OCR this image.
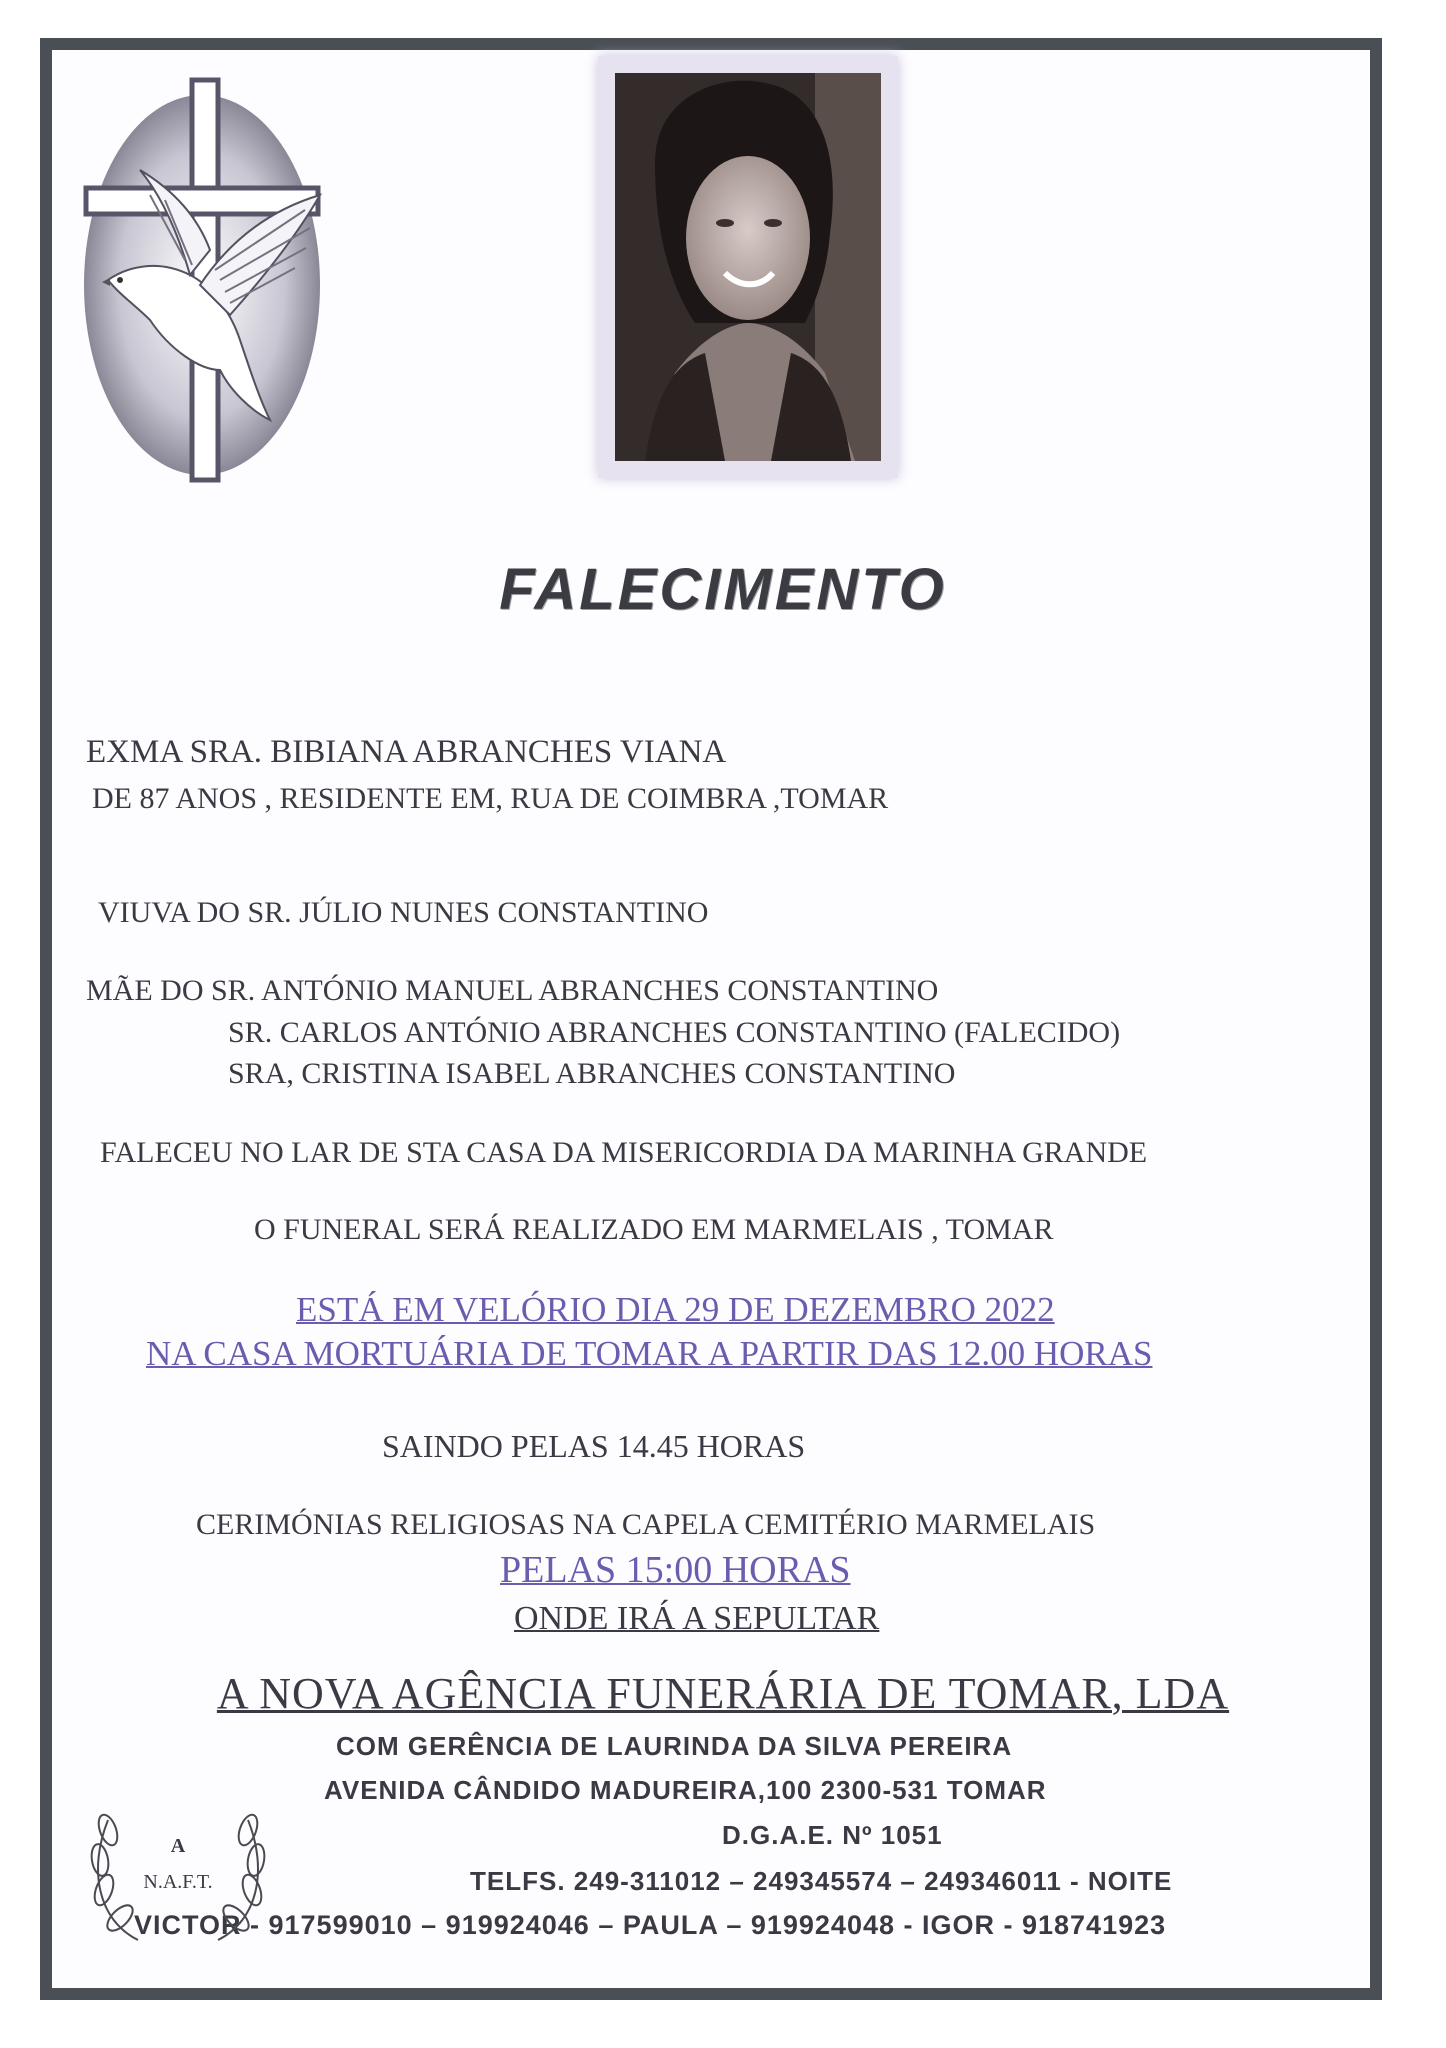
FALECIMENTO
EXMA SRA. BIBIANA ABRANCHES VIANA
DE 87 ANOS , RESIDENTE EM, RUA DE COIMBRA ,TOMAR
VIUVA DO SR. JÚLIO NUNES CONSTANTINO
MÃE DO SR. ANTÓNIO MANUEL ABRANCHES CONSTANTINO
SR. CARLOS ANTÓNIO ABRANCHES CONSTANTINO (FALECIDO)
SRA, CRISTINA ISABEL ABRANCHES CONSTANTINO
FALECEU NO LAR DE STA CASA DA MISERICORDIA DA MARINHA GRANDE
O FUNERAL SERÁ REALIZADO EM MARMELAIS , TOMAR
ESTÁ EM VELÓRIO DIA 29 DE DEZEMBRO 2022
NA CASA MORTUÁRIA DE TOMAR A PARTIR DAS 12.00 HORAS
SAINDO PELAS 14.45 HORAS
CERIMÓNIAS RELIGIOSAS NA CAPELA CEMITÉRIO MARMELAIS
PELAS 15:00 HORAS
ONDE IRÁ A SEPULTAR
A NOVA AGÊNCIA FUNERÁRIA DE TOMAR, LDA
COM GERÊNCIA DE LAURINDA DA SILVA PEREIRA
AVENIDA CÂNDIDO MADUREIRA,100 2300-531 TOMAR
D.G.A.E. Nº 1051
TELFS. 249-311012 – 249345574 – 249346011 - NOITE
VICTOR - 917599010 – 919924046 – PAULA – 919924048 - IGOR - 918741923
A
N.A.F.T.
